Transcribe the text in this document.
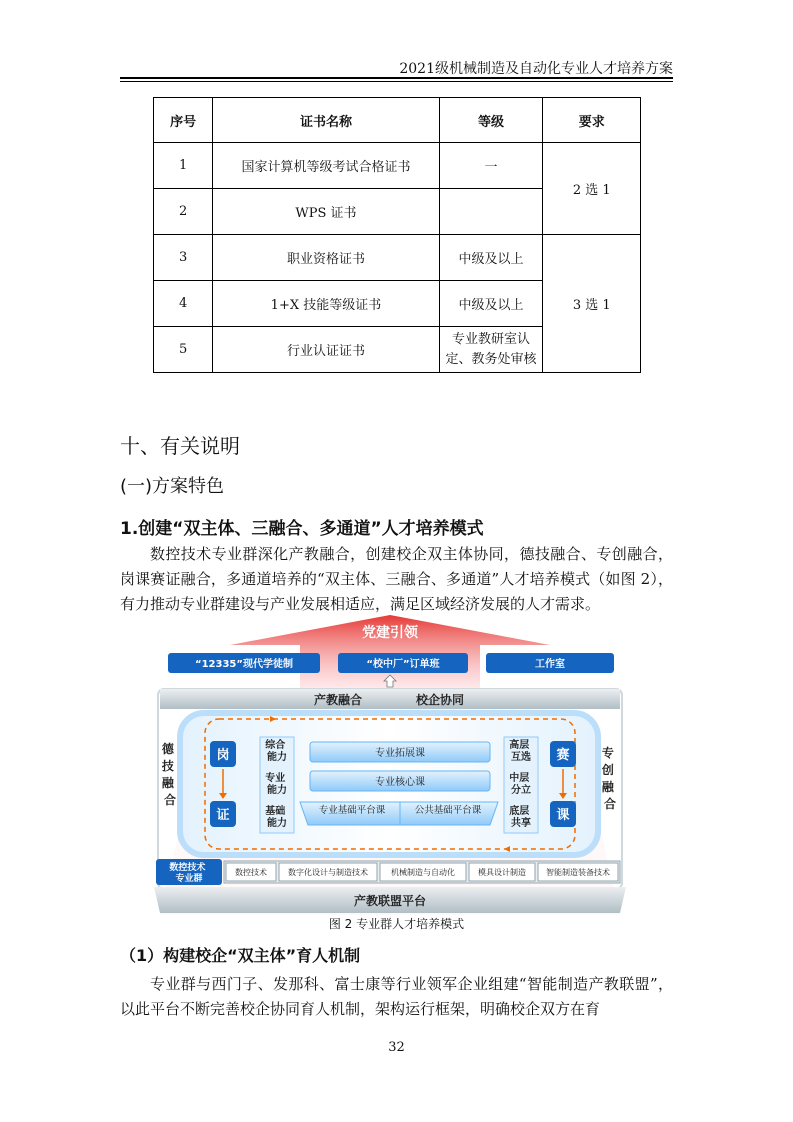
2021级机械制造及自动化专业人才培养方案
序号	证书名称	等级	要求
1	国家计算机等级考试合格证书	一	2 选 1
2	WPS 证书		
3	职业资格证书	中级及以上	3 选 1
4	1+X 技能等级证书	中级及以上	
5	行业认证证书	专业教研室认定、教务处审核	
十、有关说明
(一)方案特色
1.创建“双主体、三融合、多通道”人才培养模式

数控技术专业群深化产教融合，创建校企双主体协同，德技融合、专创融合，岗课赛证融合，多通道培养的“双主体、三融合、多通道”人才培养模式（如图 2），有力推动专业群建设与产业发展相适应，满足区域经济发展的人才需求。

党建引领
“12335”现代学徒制	“校中厂”订单班	工作室
产教融合	校企协同
德 技 融 合
专 创 融 合
岗
证
赛
课
综合 能力
专业 能力
基础 能力
专业拓展课
专业核心课
专业基础平台课	公共基础平台课
高层 互选
中层 分立
底层 共享
数控技术 专业群
数控技术	数字化设计与制造技术	机械制造与自动化	模具设计制造	智能制造装备技术
产教联盟平台
图 2 专业群人才培养模式
（1）构建校企“双主体”育人机制

专业群与西门子、发那科、富士康等行业领军企业组建“智能制造产教联盟”，以此平台不断完善校企协同育人机制，架构运行框架，明确校企双方在育

32
